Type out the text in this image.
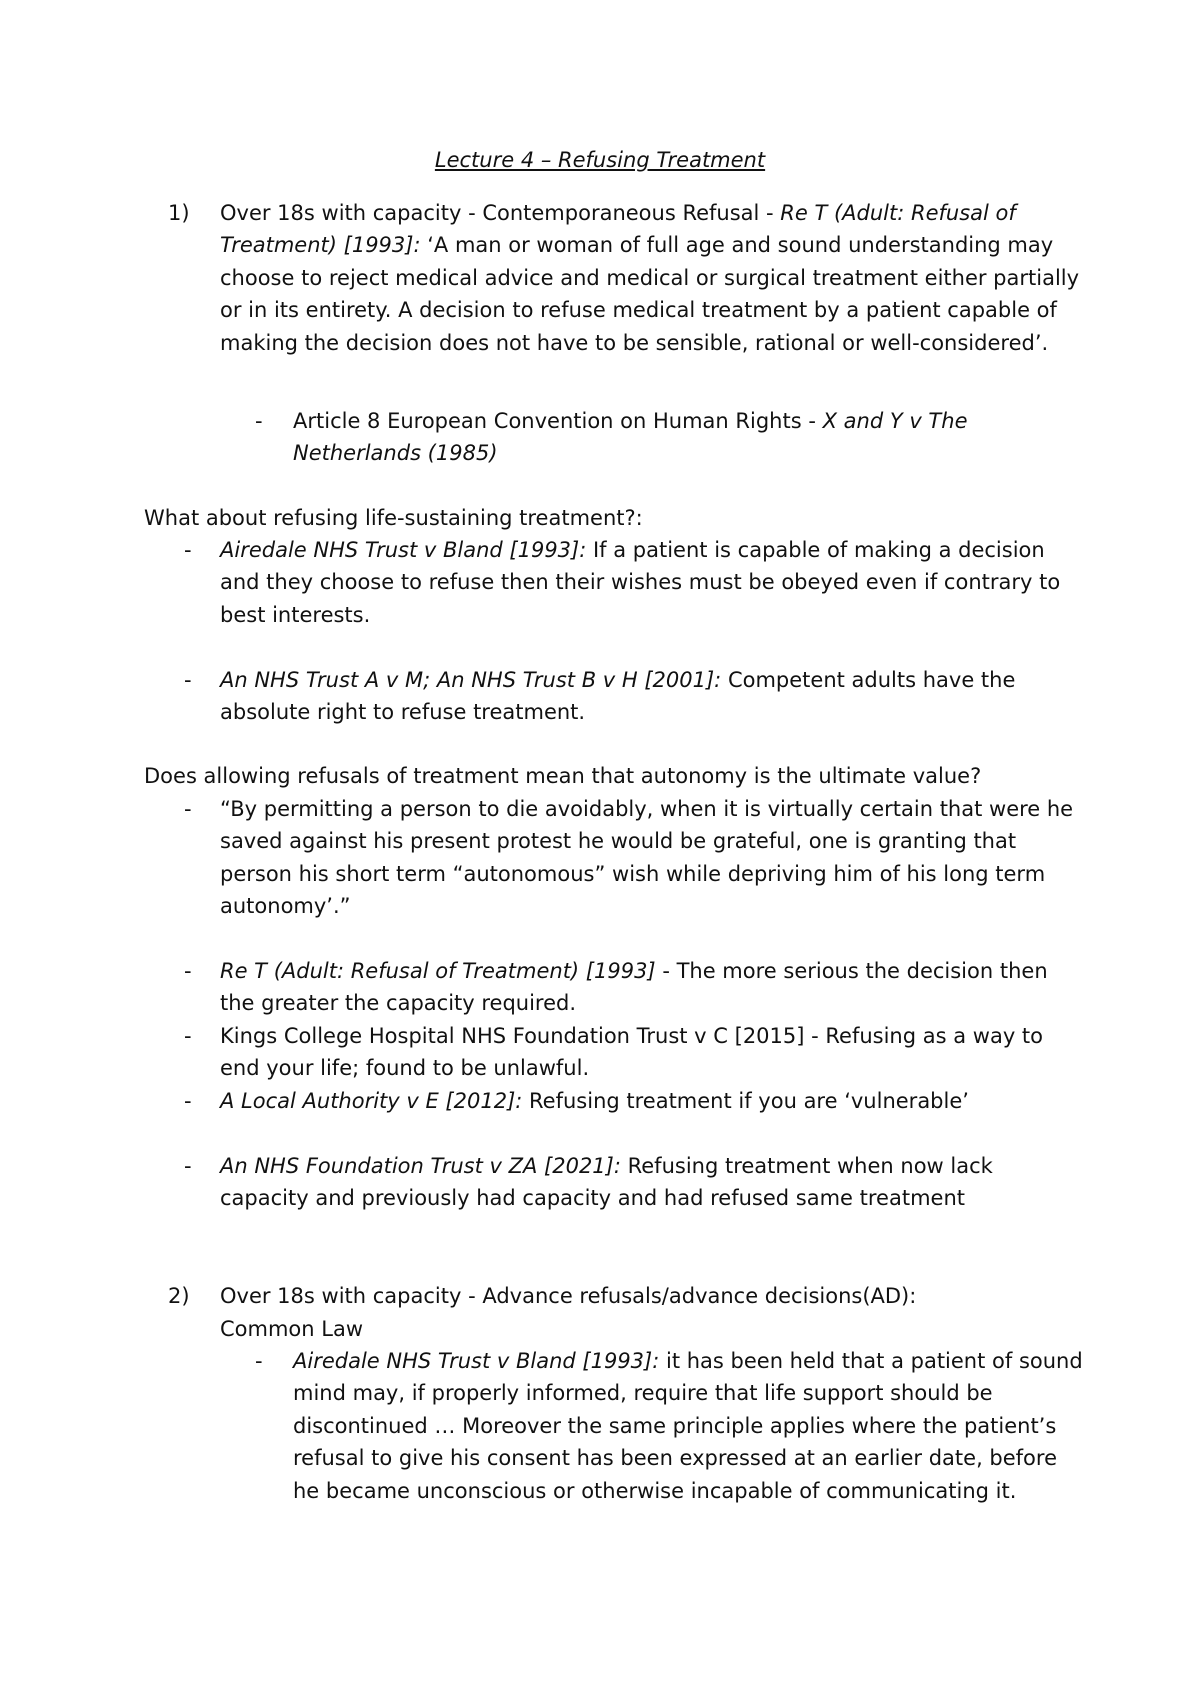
Lecture 4 – Refusing Treatment
1) Over 18s with capacity - Contemporaneous Refusal - Re T (Adult: Refusal of Treatment) [1993]: ‘A man or woman of full age and sound understanding may choose to reject medical advice and medical or surgical treatment either partially or in its entirety. A decision to refuse medical treatment by a patient capable of making the decision does not have to be sensible, rational or well-considered’.

- Article 8 European Convention on Human Rights - X and Y v The Netherlands (1985)

What about refusing life-sustaining treatment?:

- Airedale NHS Trust v Bland [1993]: If a patient is capable of making a decision and they choose to refuse then their wishes must be obeyed even if contrary to best interests.

- An NHS Trust A v M; An NHS Trust B v H [2001]: Competent adults have the absolute right to refuse treatment.

Does allowing refusals of treatment mean that autonomy is the ultimate value?

- “By permitting a person to die avoidably, when it is virtually certain that were he saved against his present protest he would be grateful, one is granting that person his short term “autonomous” wish while depriving him of his long term autonomy’.”

- Re T (Adult: Refusal of Treatment) [1993] - The more serious the decision then the greater the capacity required.

- Kings College Hospital NHS Foundation Trust v C [2015] - Refusing as a way to end your life; found to be unlawful.

- A Local Authority v E [2012]: Refusing treatment if you are ‘vulnerable’

- An NHS Foundation Trust v ZA [2021]: Refusing treatment when now lack capacity and previously had capacity and had refused same treatment

2) Over 18s with capacity - Advance refusals/advance decisions(AD):

Common Law

- Airedale NHS Trust v Bland [1993]: it has been held that a patient of sound mind may, if properly informed, require that life support should be discontinued … Moreover the same principle applies where the patient’s refusal to give his consent has been expressed at an earlier date, before he became unconscious or otherwise incapable of communicating it.
